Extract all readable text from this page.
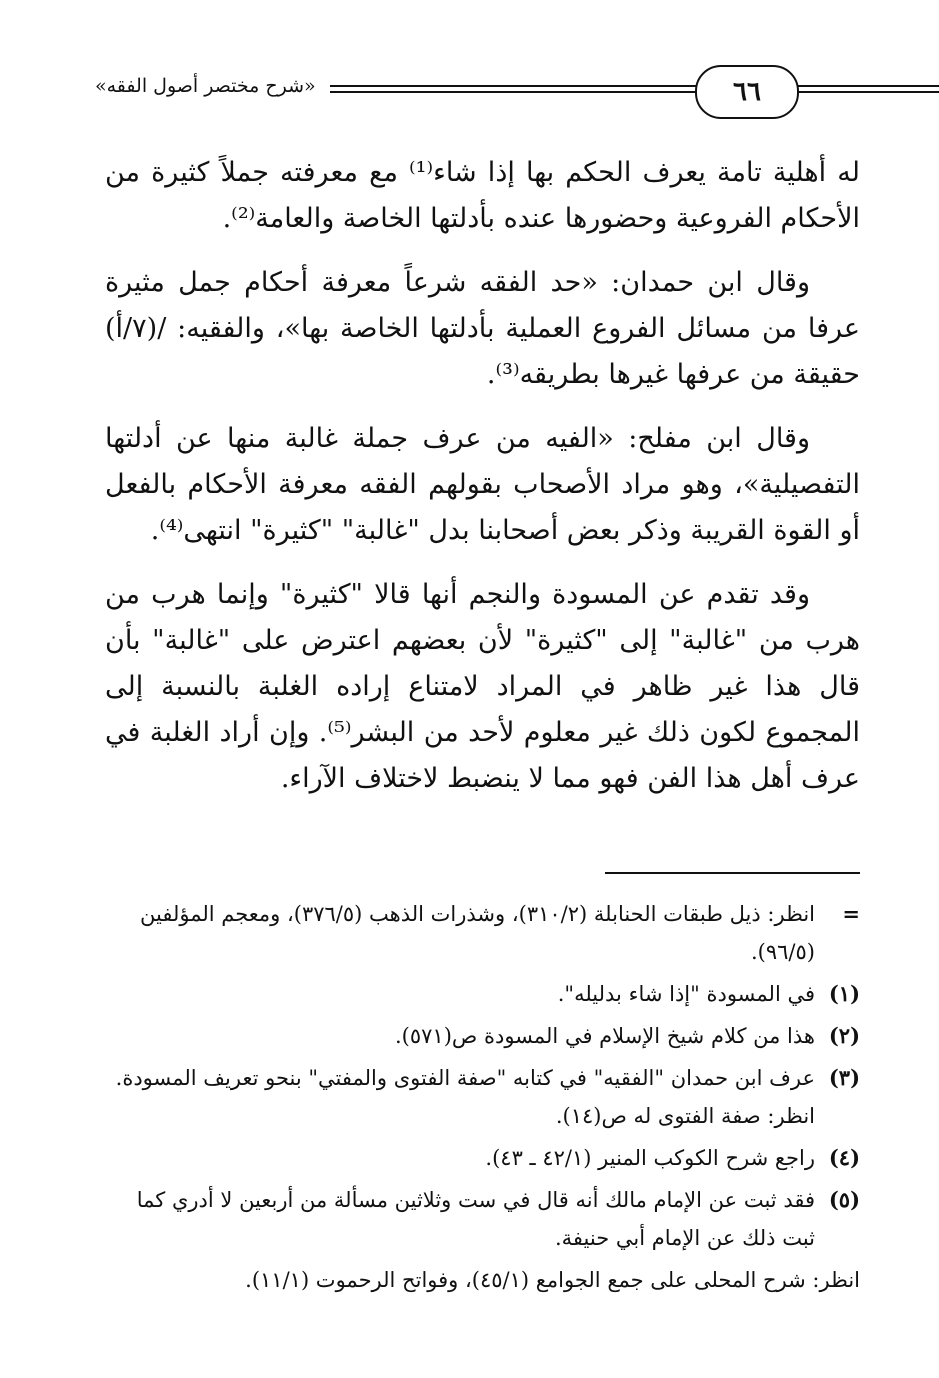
«شرح مختصر أصول الفقه»	٦٦

له أهلية تامة يعرف الحكم بها إذا شاء⁽¹⁾ مع معرفته جملاً كثيرة من الأحكام الفروعية وحضورها عنده بأدلتها الخاصة والعامة⁽²⁾.

وقال ابن حمدان: «حد الفقه شرعاً معرفة أحكام جمل مثيرة عرفا من مسائل الفروع العملية بأدلتها الخاصة بها»، والفقيه: /(٧/أ) حقيقة من عرفها غيرها بطريقه⁽³⁾.

وقال ابن مفلح: «الفيه من عرف جملة غالبة منها عن أدلتها التفصيلية»، وهو مراد الأصحاب بقولهم الفقه معرفة الأحكام بالفعل أو القوة القريبة وذكر بعض أصحابنا بدل "غالبة" "كثيرة" انتهى⁽⁴⁾.

وقد تقدم عن المسودة والنجم أنها قالا "كثيرة" وإنما هرب من هرب من "غالبة" إلى "كثيرة" لأن بعضهم اعترض على "غالبة" بأن قال هذا غير ظاهر في المراد لامتناع إراده الغلبة بالنسبة إلى المجموع لكون ذلك غير معلوم لأحد من البشر⁽⁵⁾. وإن أراد الغلبة في عرف أهل هذا الفن فهو مما لا ينضبط لاختلاف الآراء.

=
انظر: ذيل طبقات الحنابلة (٣١٠/٢)، وشذرات الذهب (٣٧٦/٥)، ومعجم المؤلفين (٩٦/٥).
(١)
في المسودة "إذا شاء بدليله".
(٢)
هذا من كلام شيخ الإسلام في المسودة ص(٥٧١).
(٣)
عرف ابن حمدان "الفقيه" في كتابه "صفة الفتوى والمفتي" بنحو تعريف المسودة.
انظر: صفة الفتوى له ص(١٤).
(٤)
راجع شرح الكوكب المنير (٤٢/١ ـ ٤٣).
(٥)
فقد ثبت عن الإمام مالك أنه قال في ست وثلاثين مسألة من أربعين لا أدري كما ثبت ذلك عن الإمام أبي حنيفة.
انظر: شرح المحلى على جمع الجوامع (٤٥/١)، وفواتح الرحموت (١١/١).
